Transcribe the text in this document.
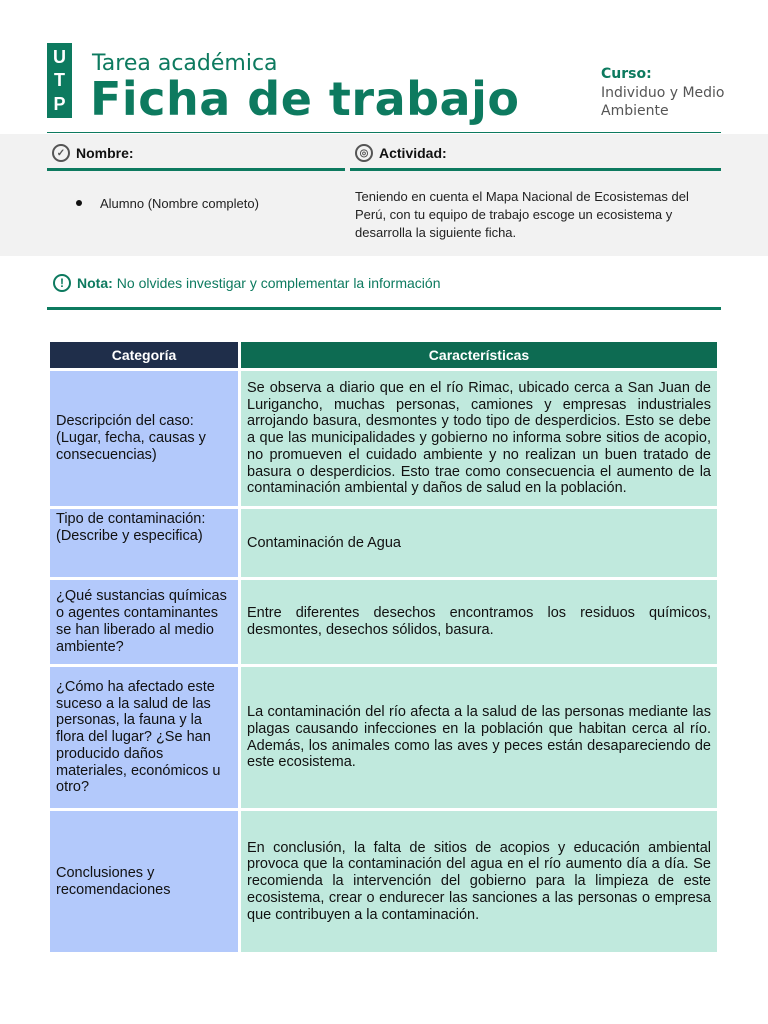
U
T
P
Tarea académica
Ficha de trabajo	Curso:
Individuo y Medio Ambiente
✓ Nombre:	◎ Actividad:
Alumno (Nombre completo)	Teniendo en cuenta el Mapa Nacional de Ecosistemas del Perú, con tu equipo de trabajo escoge un ecosistema y desarrolla la siguiente ficha.
! Nota: No olvides investigar y complementar la información
Categoría	Características
Descripción del caso: (Lugar, fecha, causas y consecuencias)	Se observa a diario que en el río Rimac, ubicado cerca a San Juan de Lurigancho, muchas personas, camiones y empresas industriales arrojando basura, desmontes y todo tipo de desperdicios. Esto se debe a que las municipalidades y gobierno no informa sobre sitios de acopio, no promueven el cuidado ambiente y no realizan un buen tratado de basura o desperdicios. Esto trae como consecuencia el aumento de la contaminación ambiental y daños de salud en la población.
Tipo de contaminación: (Describe y especifica)	Contaminación de Agua
¿Qué sustancias químicas o agentes contaminantes se han liberado al medio ambiente?	Entre diferentes desechos encontramos los residuos químicos, desmontes, desechos sólidos, basura.
¿Cómo ha afectado este suceso a la salud de las personas, la fauna y la flora del lugar? ¿Se han producido daños materiales, económicos u otro?	La contaminación del río afecta a la salud de las personas mediante las plagas causando infecciones en la población que habitan cerca al río. Además, los animales como las aves y peces están desapareciendo de este ecosistema.
Conclusiones y recomendaciones	En conclusión, la falta de sitios de acopios y educación ambiental provoca que la contaminación del agua en el río aumento día a día. Se recomienda la intervención del gobierno para la limpieza de este ecosistema, crear o endurecer las sanciones a las personas o empresa que contribuyen a la contaminación.
